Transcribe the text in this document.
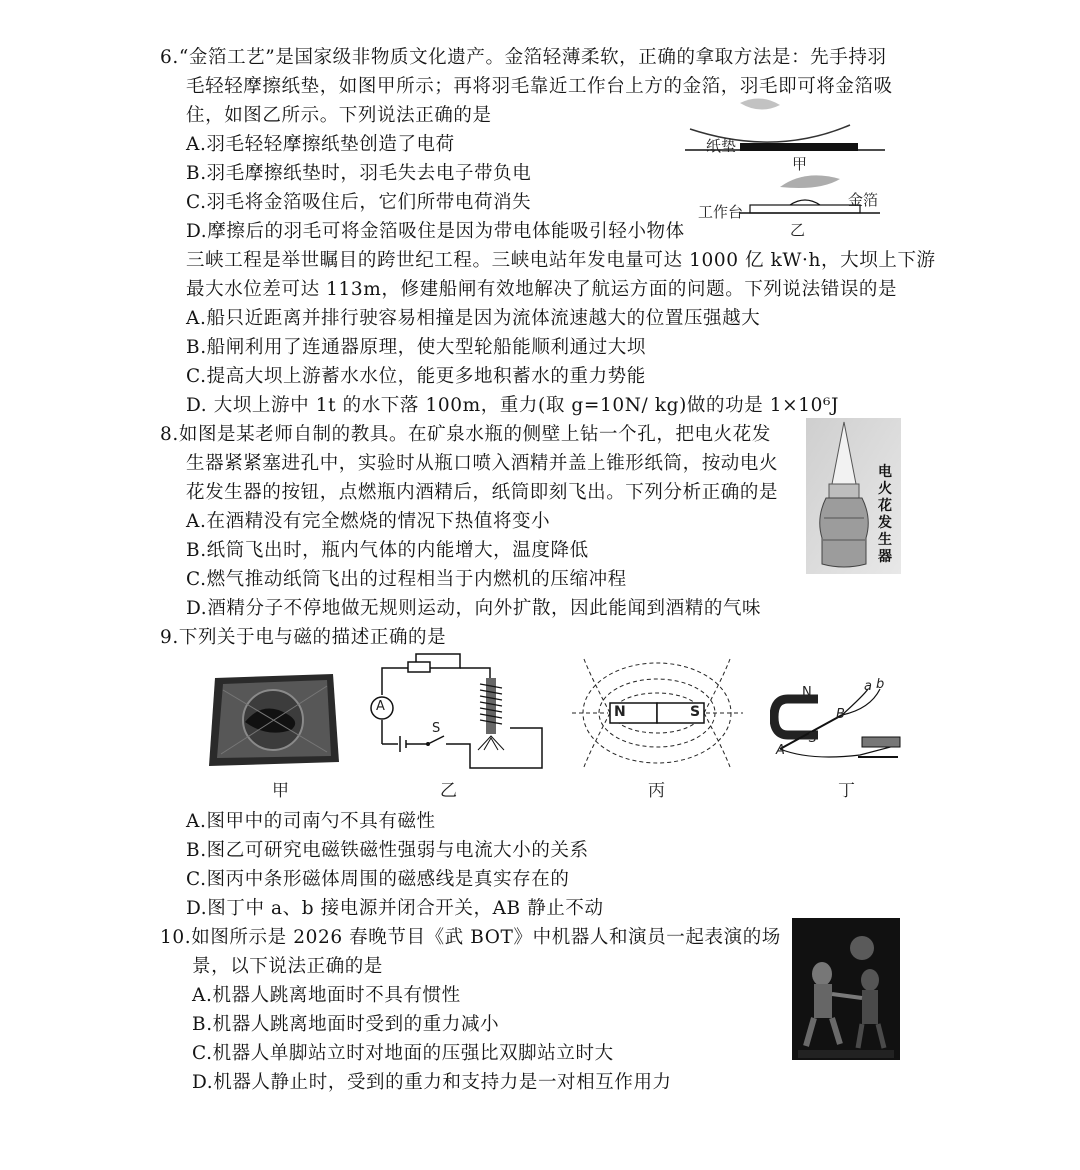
6.“金箔工艺”是国家级非物质文化遗产。金箔轻薄柔软，正确的拿取方法是：先手持羽
毛轻轻摩擦纸垫，如图甲所示；再将羽毛靠近工作台上方的金箔，羽毛即可将金箔吸
住，如图乙所示。下列说法正确的是
A.羽毛轻轻摩擦纸垫创造了电荷
B.羽毛摩擦纸垫时，羽毛失去电子带负电
C.羽毛将金箔吸住后，它们所带电荷消失
D.摩擦后的羽毛可将金箔吸住是因为带电体能吸引轻小物体
纸垫
甲
工作台
金箔
乙
三峡工程是举世瞩目的跨世纪工程。三峡电站年发电量可达 1000 亿 kW·h，大坝上下游
最大水位差可达 113m，修建船闸有效地解决了航运方面的问题。下列说法错误的是
A.船只近距离并排行驶容易相撞是因为流体流速越大的位置压强越大
B.船闸利用了连通器原理，使大型轮船能顺利通过大坝
C.提高大坝上游蓄水水位，能更多地积蓄水的重力势能
D. 大坝上游中 1t 的水下落 100m，重力(取 g=10N/ kg)做的功是 1×10⁶J
8.如图是某老师自制的教具。在矿泉水瓶的侧壁上钻一个孔，把电火花发
生器紧紧塞进孔中，实验时从瓶口喷入酒精并盖上锥形纸筒，按动电火
花发生器的按钮，点燃瓶内酒精后，纸筒即刻飞出。下列分析正确的是
A.在酒精没有完全燃烧的情况下热值将变小
B.纸筒飞出时，瓶内气体的内能增大，温度降低
C.燃气推动纸筒飞出的过程相当于内燃机的压缩冲程
D.酒精分子不停地做无规则运动，向外扩散，因此能闻到酒精的气味
电
火
花
发
生
器
9.下列关于电与磁的描述正确的是
甲
A
S
乙
N	S
丙
a b
N
S
A
B
丁
A.图甲中的司南勺不具有磁性
B.图乙可研究电磁铁磁性强弱与电流大小的关系
C.图丙中条形磁体周围的磁感线是真实存在的
D.图丁中 a、b 接电源并闭合开关，AB 静止不动
10.如图所示是 2026 春晚节目《武 BOT》中机器人和演员一起表演的场
景，以下说法正确的是
A.机器人跳离地面时不具有惯性
B.机器人跳离地面时受到的重力减小
C.机器人单脚站立时对地面的压强比双脚站立时大
D.机器人静止时，受到的重力和支持力是一对相互作用力
